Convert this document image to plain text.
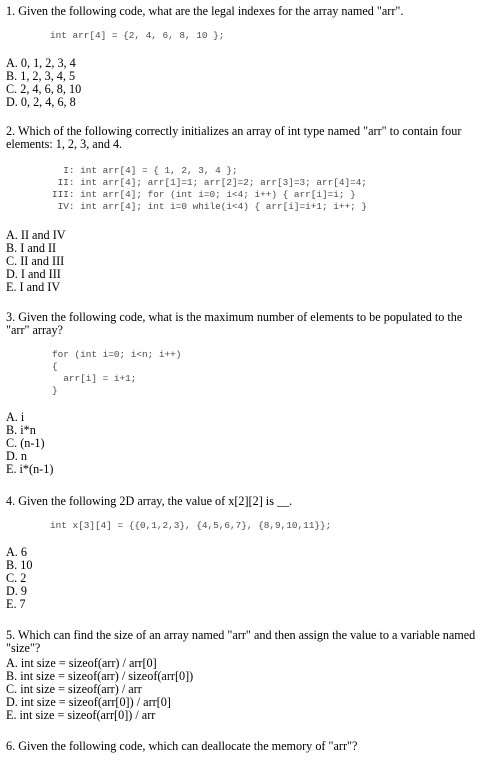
1. Given the following code, what are the legal indexes for the array named "arr".
int arr[4] = {2, 4, 6, 8, 10 };
A. 0, 1, 2, 3, 4
B. 1, 2, 3, 4, 5
C. 2, 4, 6, 8, 10
D. 0, 2, 4, 6, 8
2. Which of the following correctly initializes an array of int type named "arr" to contain four elements: 1, 2, 3, and 4.
I: int arr[4] = { 1, 2, 3, 4 };
II: int arr[4]; arr[1]=1; arr[2]=2; arr[3]=3; arr[4]=4;
III: int arr[4]; for (int i=0; i<4; i++) { arr[i]=i; }
IV: int arr[4]; int i=0 while(i<4) { arr[i]=i+1; i++; }
A. II and IV
B. I and II
C. II and III
D. I and III
E. I and IV
3. Given the following code, what is the maximum number of elements to be populated to the "arr" array?
for (int i=0; i<n; i++)
{
arr[i] = i+1;
}
A. i
B. i*n
C. (n-1)
D. n
E. i*(n-1)
4. Given the following 2D array, the value of x[2][2] is __.
int x[3][4] = {{0,1,2,3}, {4,5,6,7}, {8,9,10,11}};
A. 6
B. 10
C. 2
D. 9
E. 7
5. Which can find the size of an array named "arr" and then assign the value to a variable named "size"?
A. int size = sizeof(arr) / arr[0]
B. int size = sizeof(arr) / sizeof(arr[0])
C. int size = sizeof(arr) / arr
D. int size = sizeof(arr[0]) / arr[0]
E. int size = sizeof(arr[0]) / arr
6. Given the following code, which can deallocate the memory of "arr"?
